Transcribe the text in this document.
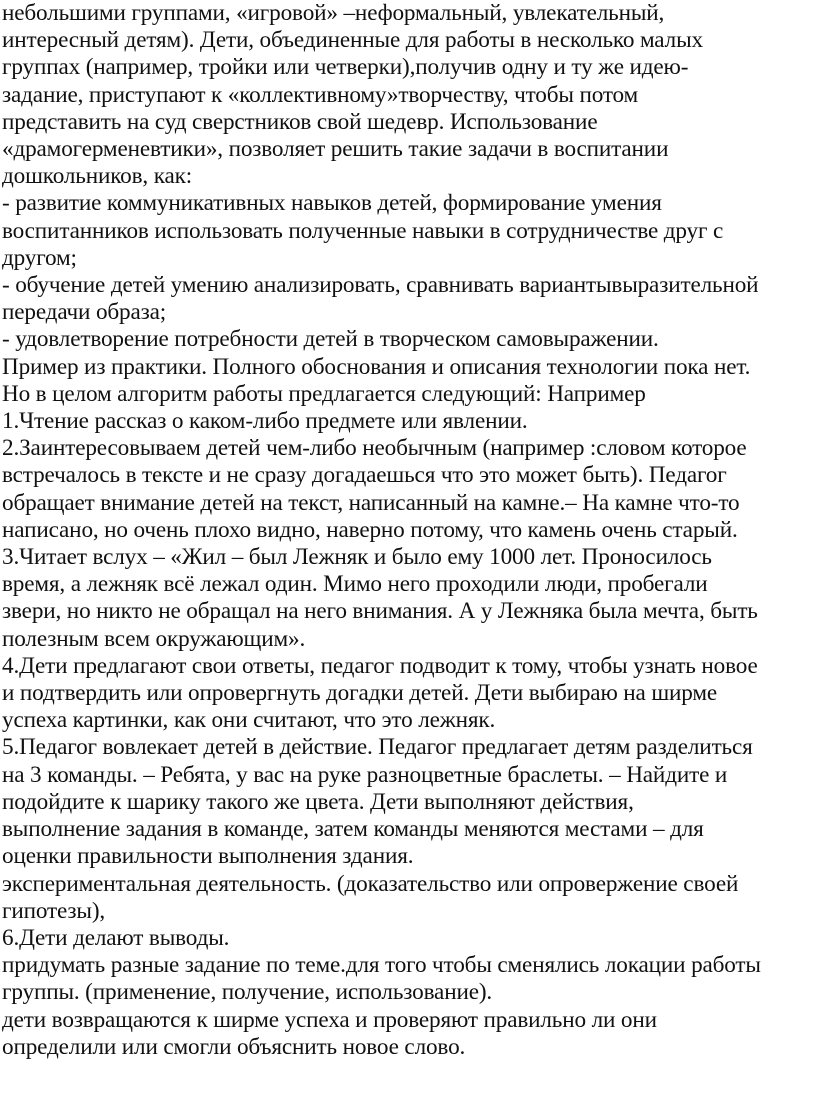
небольшими группами, «игровой» –неформальный, увлекательный,
интересный детям). Дети, объединенные для работы в несколько малых
группах (например, тройки или четверки),получив одну и ту же идею-
задание, приступают к «коллективному»творчеству, чтобы потом
представить на суд сверстников свой шедевр. Использование
«драмогерменевтики», позволяет решить такие задачи в воспитании
дошкольников, как:
- развитие коммуникативных навыков детей, формирование умения
воспитанников использовать полученные навыки в сотрудничестве друг с
другом;
- обучение детей умению анализировать, сравнивать вариантывыразительной
передачи образа;
- удовлетворение потребности детей в творческом самовыражении.
Пример из практики. Полного обоснования и описания технологии пока нет.
Но в целом алгоритм работы предлагается следующий: Например
1.Чтение рассказ о каком-либо предмете или явлении.
2.Заинтересовываем детей чем-либо необычным (например :словом которое
встречалось в тексте и не сразу догадаешься что это может быть). Педагог
обращает внимание детей на текст, написанный на камне.– На камне что-то
написано, но очень плохо видно, наверно потому, что камень очень старый.
3.Читает вслух – «Жил – был Лежняк и было ему 1000 лет. Проносилось
время, а лежняк всё лежал один. Мимо него проходили люди, пробегали
звери, но никто не обращал на него внимания. А у Лежняка была мечта, быть
полезным всем окружающим».
4.Дети предлагают свои ответы, педагог подводит к тому, чтобы узнать новое
и подтвердить или опровергнуть догадки детей. Дети выбираю на ширме
успеха картинки, как они считают, что это лежняк.
5.Педагог вовлекает детей в действие. Педагог предлагает детям разделиться
на 3 команды. – Ребята, у вас на руке разноцветные браслеты. – Найдите и
подойдите к шарику такого же цвета. Дети выполняют действия,
выполнение задания в команде, затем команды меняются местами – для
оценки правильности выполнения здания.
экспериментальная деятельность. (доказательство или опровержение своей
гипотезы),
6.Дети делают выводы.
придумать разные задание по теме.для того чтобы сменялись локации работы
группы. (применение, получение, использование).
дети возвращаются к ширме успеха и проверяют правильно ли они
определили или смогли объяснить новое слово.
